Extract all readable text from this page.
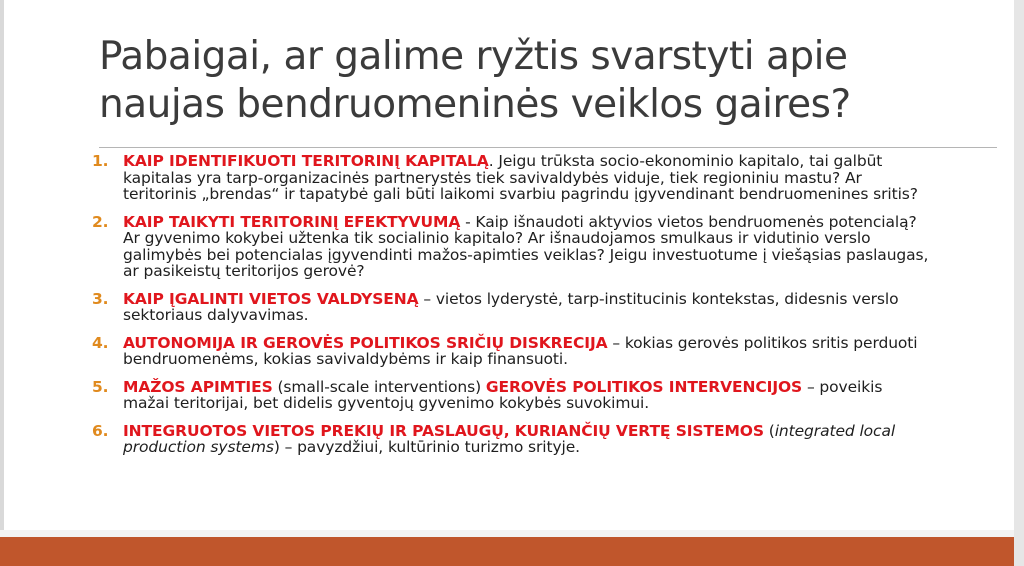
Pabaigai, ar galime ryžtis svarstyti apie naujas bendruomeninės veiklos gaires?
1. KAIP IDENTIFIKUOTI TERITORINĮ KAPITALĄ. Jeigu trūksta socio-ekonominio kapitalo, tai galbūt kapitalas yra tarp-organizacinės partnerystės tiek savivaldybės viduje, tiek regioniniu mastu? Ar teritorinis „brendas“ ir tapatybė gali būti laikomi svarbiu pagrindu įgyvendinant bendruomenines sritis?
2. KAIP TAIKYTI TERITORINĮ EFEKTYVUMĄ - Kaip išnaudoti aktyvios vietos bendruomenės potencialą? Ar gyvenimo kokybei užtenka tik socialinio kapitalo? Ar išnaudojamos smulkaus ir vidutinio verslo galimybės bei potencialas įgyvendinti mažos-apimties veiklas? Jeigu investuotume į viešąsias paslaugas, ar pasikeistų teritorijos gerovė?
3. KAIP ĮGALINTI VIETOS VALDYSENĄ – vietos lyderystė, tarp-institucinis kontekstas, didesnis verslo sektoriaus dalyvavimas.
4. AUTONOMIJA IR GEROVĖS POLITIKOS SRIČIŲ DISKRECIJA – kokias gerovės politikos sritis perduoti bendruomenėms, kokias savivaldybėms ir kaip finansuoti.
5. MAŽOS APIMTIES (small-scale interventions) GEROVĖS POLITIKOS INTERVENCIJOS – poveikis mažai teritorijai, bet didelis gyventojų gyvenimo kokybės suvokimui.
6. INTEGRUOTOS VIETOS PREKIŲ IR PASLAUGŲ, KURIANČIŲ VERTĘ SISTEMOS (integrated local production systems) – pavyzdžiui, kultūrinio turizmo srityje.
